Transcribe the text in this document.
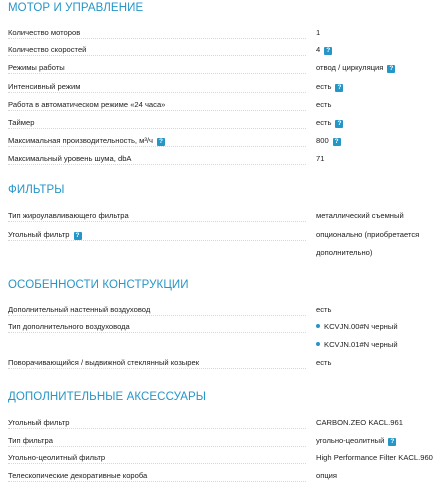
МОТОР И УПРАВЛЕНИЕ
Количество моторов	1
Количество скоростей	4 ?
Режимы работы	отвод / циркуляция ?
Интенсивный режим	есть ?
Работа в автоматическом режиме «24 часа»	есть
Таймер	есть ?
Максимальная производительность, м³/ч ?	800 ?
Максимальный уровень шума, dbA	71
ФИЛЬТРЫ
Тип жироулавливающего фильтра	металлический съемный
Угольный фильтр ?	опционально (приобретается
дополнительно)
ОСОБЕННОСТИ КОНСТРУКЦИИ
Дополнительный настенный воздуховод	есть
Тип дополнительного воздуховода	KCVJN.00#N черный
KCVJN.01#N черный
Поворачивающийся / выдвижной стеклянный козырек	есть
ДОПОЛНИТЕЛЬНЫЕ АКСЕССУАРЫ
Угольный фильтр	CARBON.ZEO KACL.961
Тип фильтра	угольно-цеолитный ?
Угольно-цеолитный фильтр	High Performance Filter KACL.960
Телескопические декоративные короба	опция
